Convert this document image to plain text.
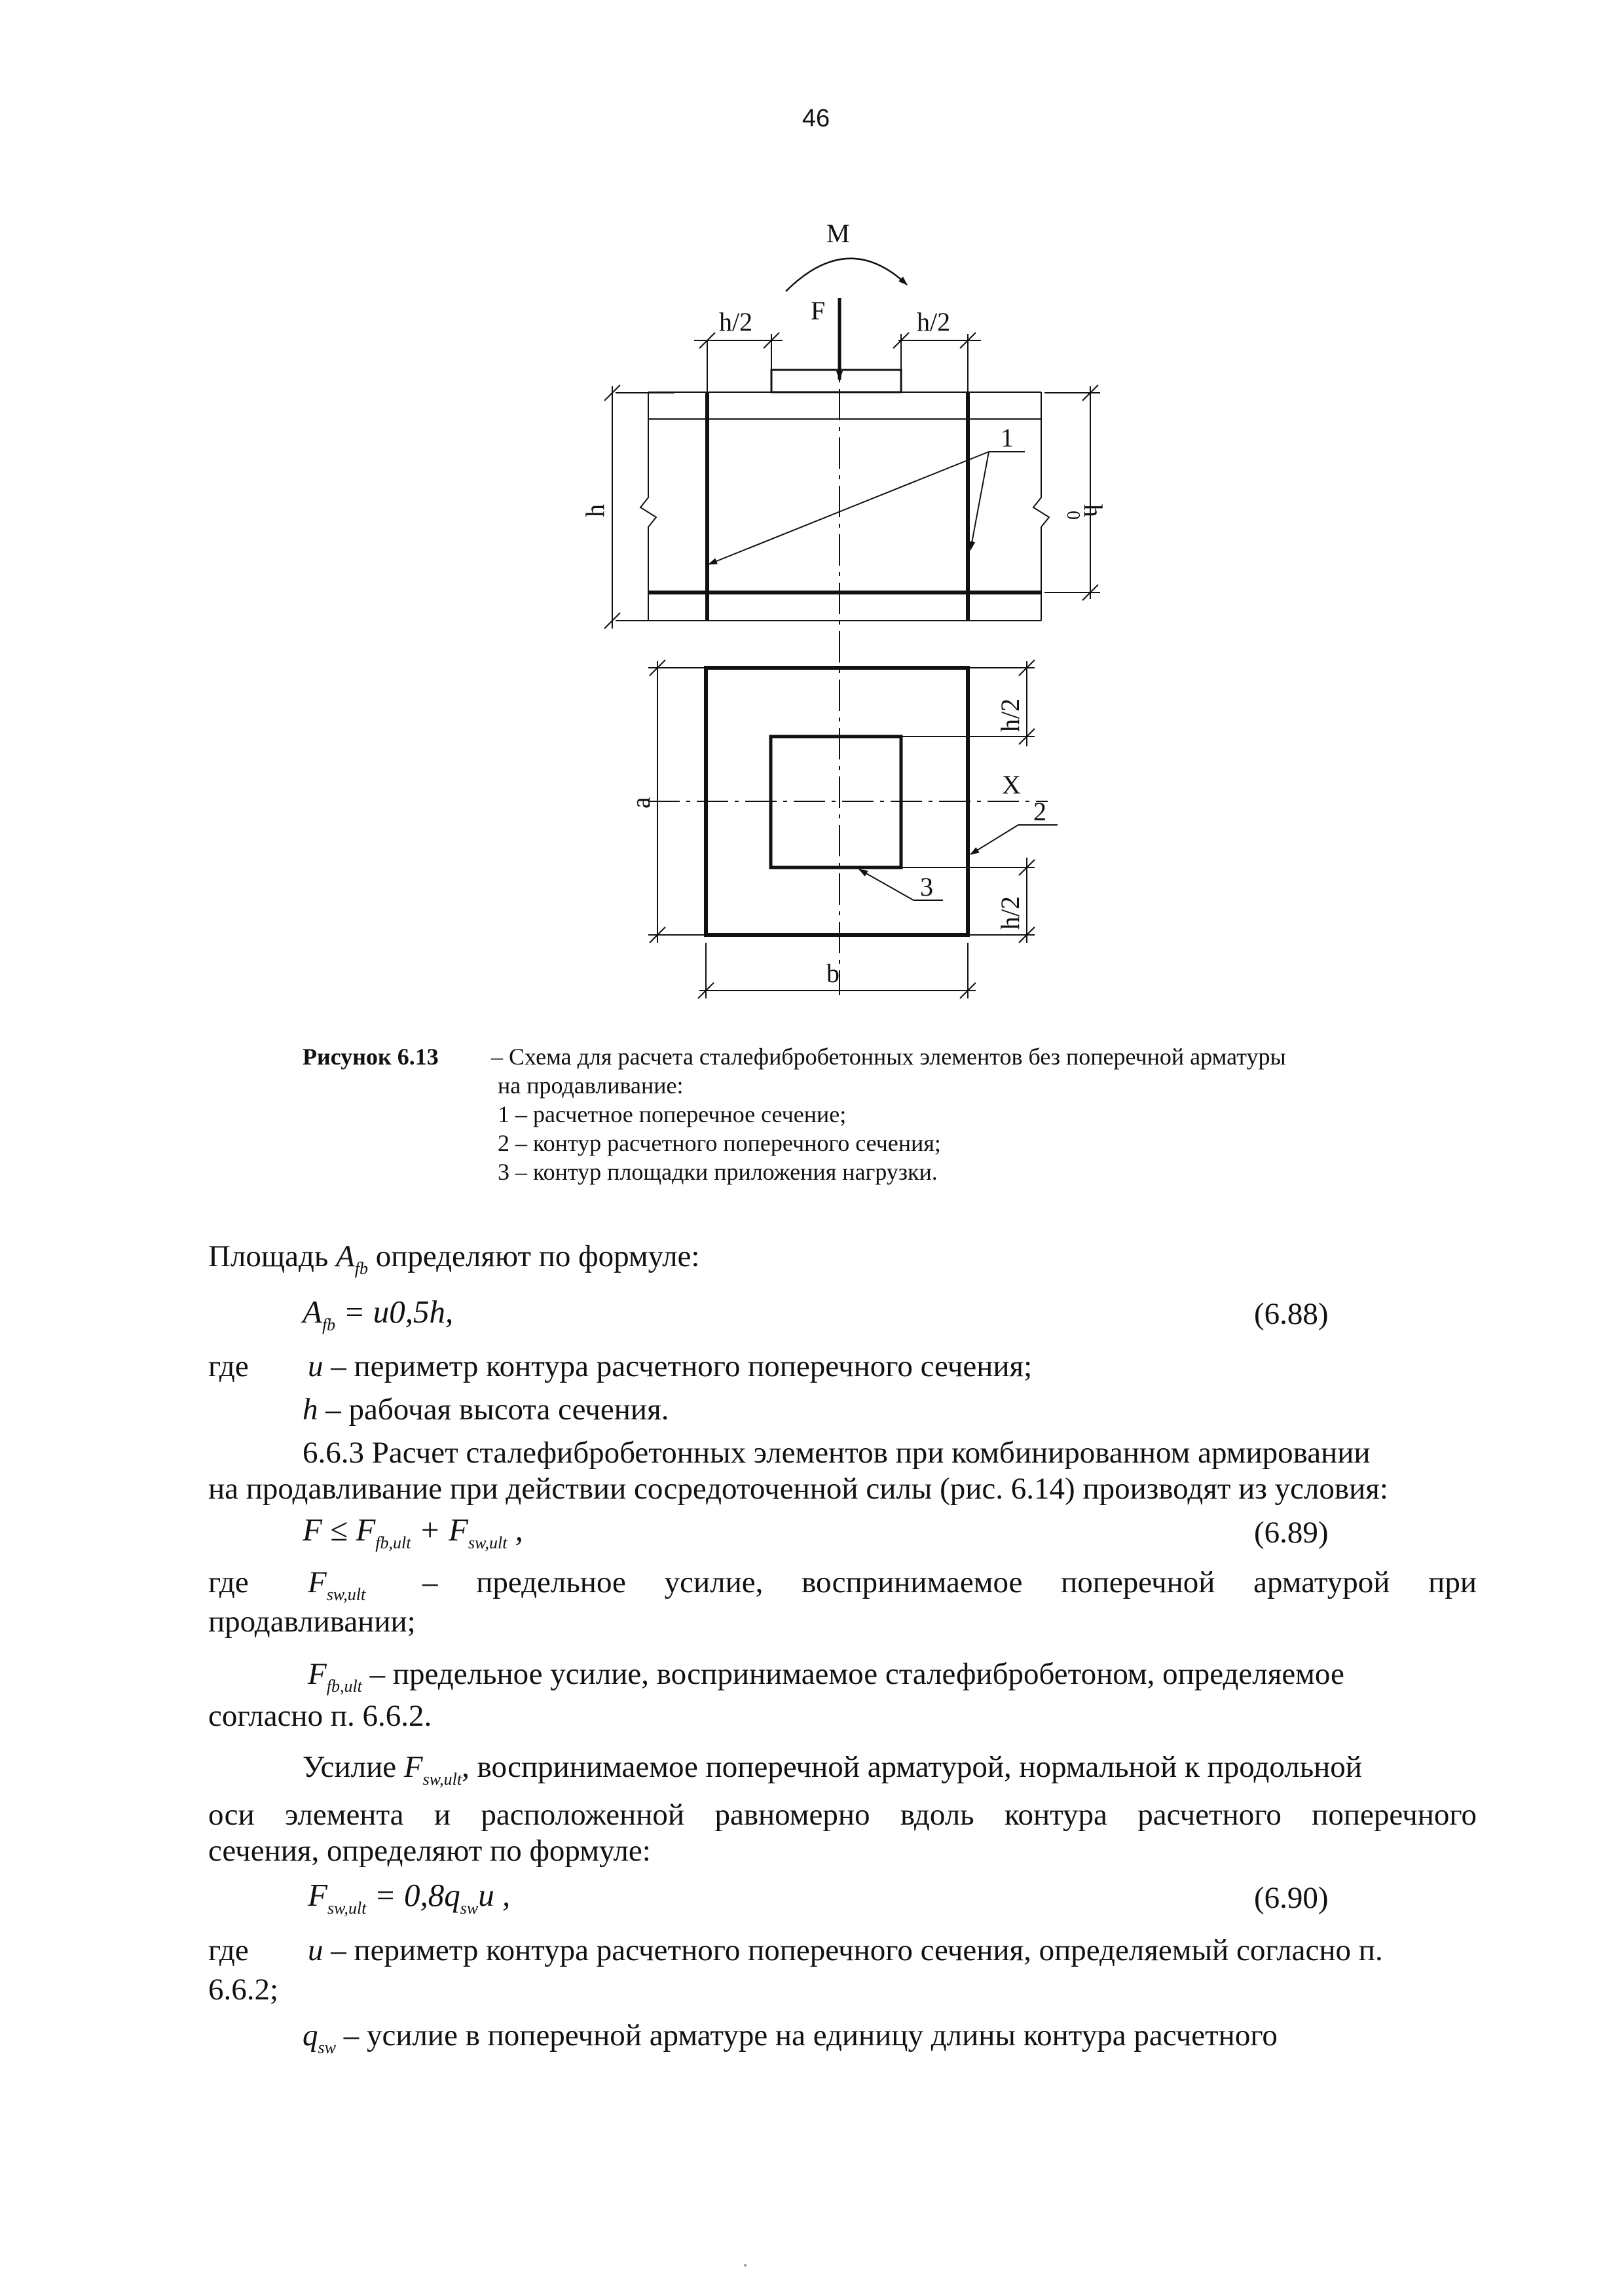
46
M
F
h/2	h/2
1
X
2
3
b
h	h
0
a
h/2
h/2
Рисунок 6.13 – Схема для расчета сталефибробетонных элементов без поперечной арматуры
на продавливание:
1 – расчетное поперечное сечение;
2 – контур расчетного поперечного сечения;
3 – контур площадки приложения нагрузки.
Площадь $A_{fb}$ определяют по формуле:
$A_{fb} = u0,5h$,	(6.88)
где u – периметр контура расчетного поперечного сечения;
h – рабочая высота сечения.
6.6.3 Расчет сталефибробетонных элементов при комбинированном армировании
на продавливание при действии сосредоточенной силы (рис. 6.14) производят из условия:
$F \le F_{fb,ult} + F_{sw,ult}$ ,	(6.89)
где $F_{sw,ult}$ – предельное усилие, воспринимаемое поперечной арматурой при
продавливании;
$F_{fb,ult}$ – предельное усилие, воспринимаемое сталефибробетоном, определяемое
согласно п. 6.6.2.
Усилие $F_{sw,ult}$, воспринимаемое поперечной арматурой, нормальной к продольной
оси элемента и расположенной равномерно вдоль контура расчетного поперечного
сечения, определяют по формуле:
$F_{sw,ult} = 0,8q_{sw}u$ ,	(6.90)
где u – периметр контура расчетного поперечного сечения, определяемый согласно п.
6.6.2;
$q_{sw}$ – усилие в поперечной арматуре на единицу длины контура расчетного
